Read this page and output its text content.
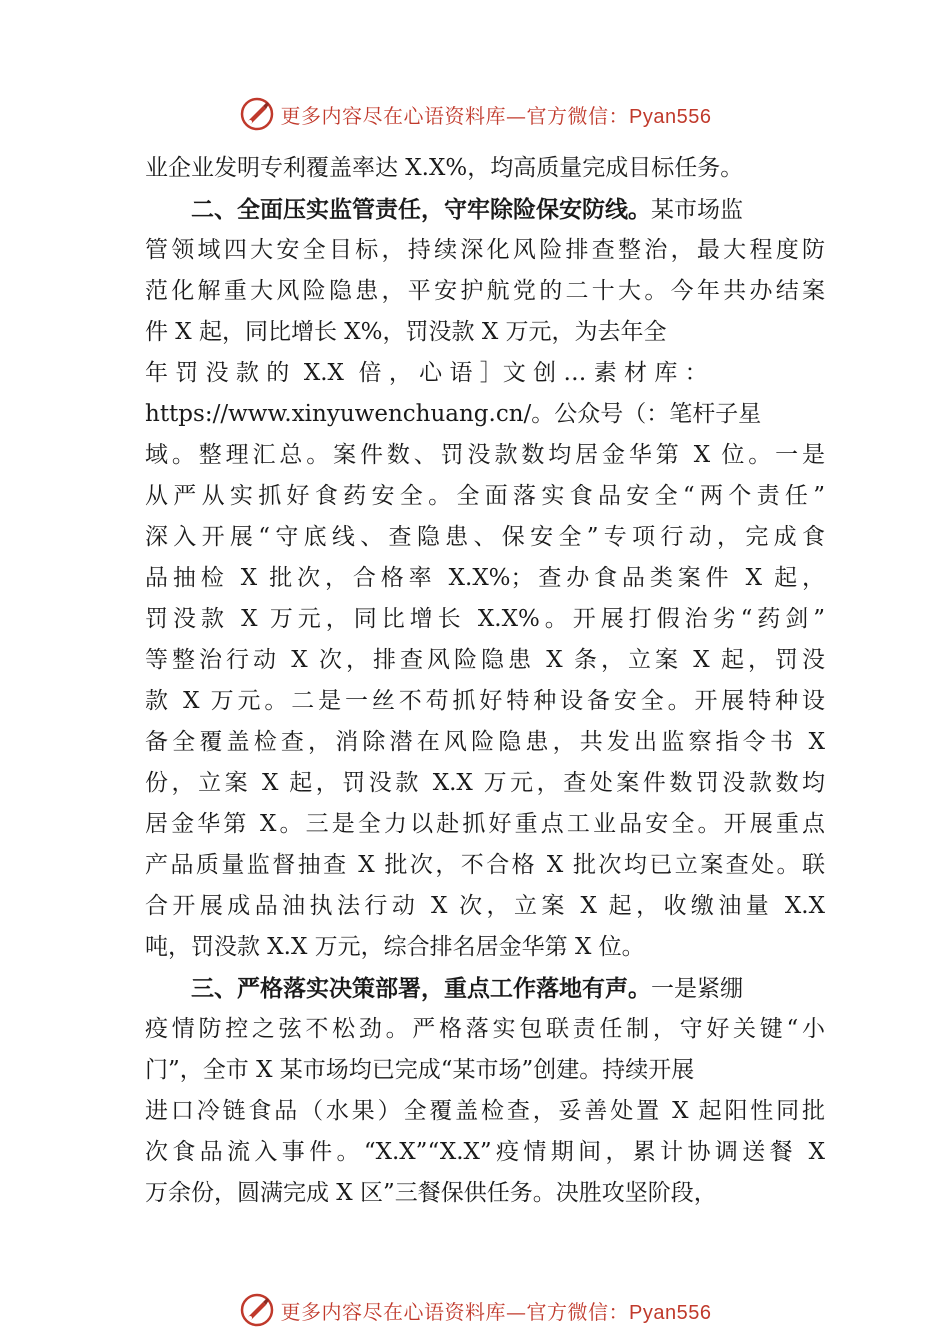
更多内容尽在心语资料库—官方微信：Pyan556
业企业发明专利覆盖率达 X.X%，均高质量完成目标任务。
二、全面压实监管责任，守牢除险保安防线。某市场监
管领域四大安全目标，持续深化风险排查整治，最大程度防
范化解重大风险隐患，平安护航党的二十大。今年共办结案
件 X 起，同比增长 X%，罚没款 X 万元，为去年全
年 罚 没 款 的  X.X  倍 ， 心 语 ］文 创 … 素 材 库 ：
https://www.xinyuwenchuang.cn/。公众号（：笔杆子星
域。整理汇总。案件数、罚没款数均居金华第 X 位。一是
从严从实抓好食药安全。全面落实食品安全“两个责任”
深入开展“守底线、查隐患、保安全”专项行动，完成食
品抽检 X 批次，合格率 X.X%；查办食品类案件 X 起，
罚没款 X 万元，同比增长 X.X%。开展打假治劣“药剑”
等整治行动 X 次，排查风险隐患 X 条，立案 X 起，罚没
款 X 万元。二是一丝不苟抓好特种设备安全。开展特种设
备全覆盖检查，消除潜在风险隐患，共发出监察指令书 X
份，立案 X 起，罚没款 X.X 万元，查处案件数罚没款数均
居金华第 X。三是全力以赴抓好重点工业品安全。开展重点
产品质量监督抽查 X 批次，不合格 X 批次均已立案查处。联
合开展成品油执法行动 X 次，立案 X 起，收缴油量 X.X
吨，罚没款 X.X 万元，综合排名居金华第 X 位。
三、严格落实决策部署，重点工作落地有声。一是紧绷
疫情防控之弦不松劲。严格落实包联责任制，守好关键“小
门”，全市 X 某市场均已完成“某市场”创建。持续开展
进口冷链食品（水果）全覆盖检查，妥善处置 X 起阳性同批
次食品流入事件。“X.X”“X.X”疫情期间，累计协调送餐 X
万余份，圆满完成 X 区”三餐保供任务。决胜攻坚阶段，
更多内容尽在心语资料库—官方微信：Pyan556
